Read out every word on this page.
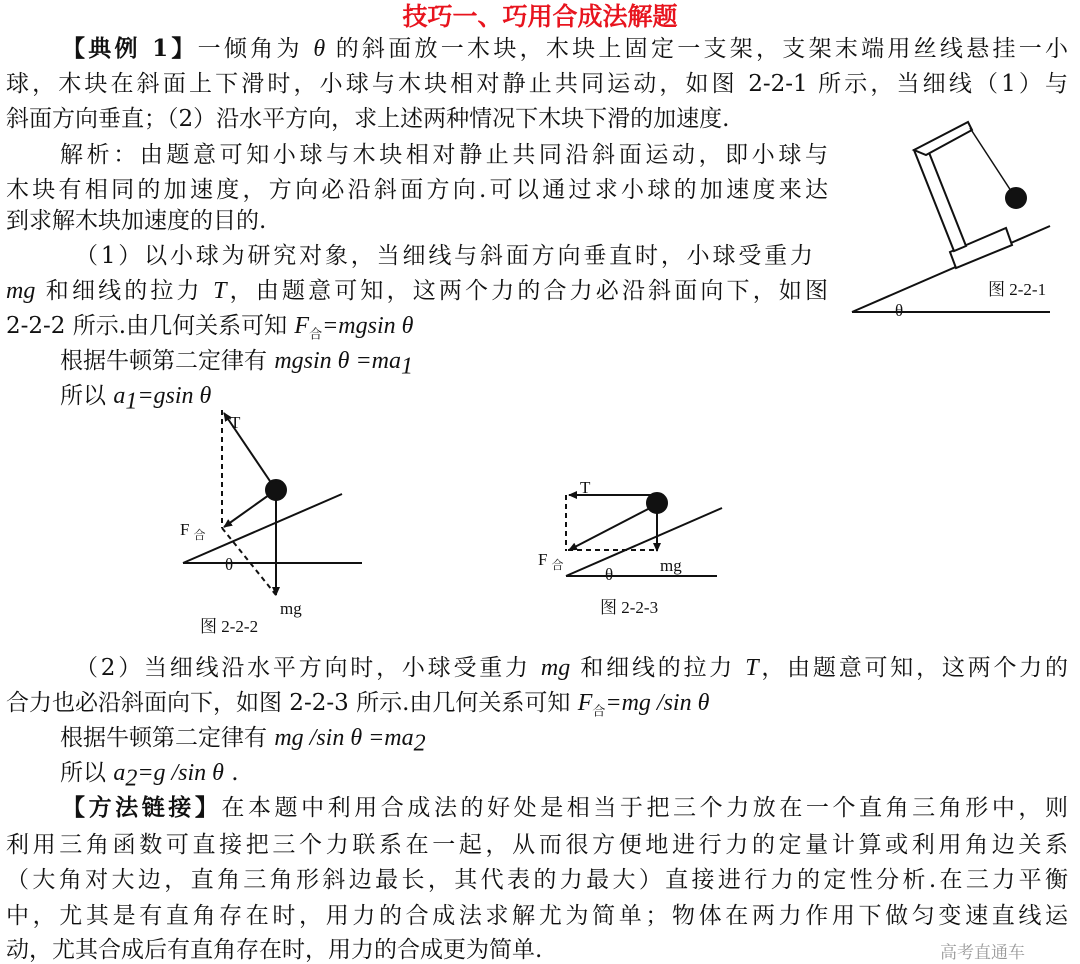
技巧一、巧用合成法解题
【典例 1】一倾角为 θ 的斜面放一木块，木块上固定一支架，支架末端用丝线悬挂一小
球，木块在斜面上下滑时，小球与木块相对静止共同运动，如图 2-2-1 所示，当细线（1）与
斜面方向垂直；（2）沿水平方向，求上述两种情况下木块下滑的加速度.
解析：由题意可知小球与木块相对静止共同沿斜面运动，即小球与
木块有相同的加速度，方向必沿斜面方向.可以通过求小球的加速度来达
到求解木块加速度的目的.
（1）以小球为研究对象，当细线与斜面方向垂直时，小球受重力
mg 和细线的拉力 T，由题意可知，这两个力的合力必沿斜面向下，如图
2-2-2 所示.由几何关系可知 $F_合=mgsin$ θ
根据牛顿第二定律有 mgsin $\theta =ma_1$
所以 $a_1=gsin$ θ
θ
图 2-2-1
T
F $_合$
θ
mg
图 2-2-2
T
F $_合$ θ	mg
图 2-2-3
（2）当细线沿水平方向时，小球受重力 mg 和细线的拉力 T，由题意可知，这两个力的
合力也必沿斜面向下，如图 2-2-3 所示.由几何关系可知 $F_合=mg$ /sin θ
根据牛顿第二定律有 mg /sin $\theta =ma_2$
所以 $a_2=g$ /sin θ .
【方法链接】在本题中利用合成法的好处是相当于把三个力放在一个直角三角形中，则
利用三角函数可直接把三个力联系在一起，从而很方便地进行力的定量计算或利用角边关系
（大角对大边，直角三角形斜边最长，其代表的力最大）直接进行力的定性分析.在三力平衡
中，尤其是有直角存在时，用力的合成法求解尤为简单；物体在两力作用下做匀变速直线运
动，尤其合成后有直角存在时，用力的合成更为简单.	高考直通车
